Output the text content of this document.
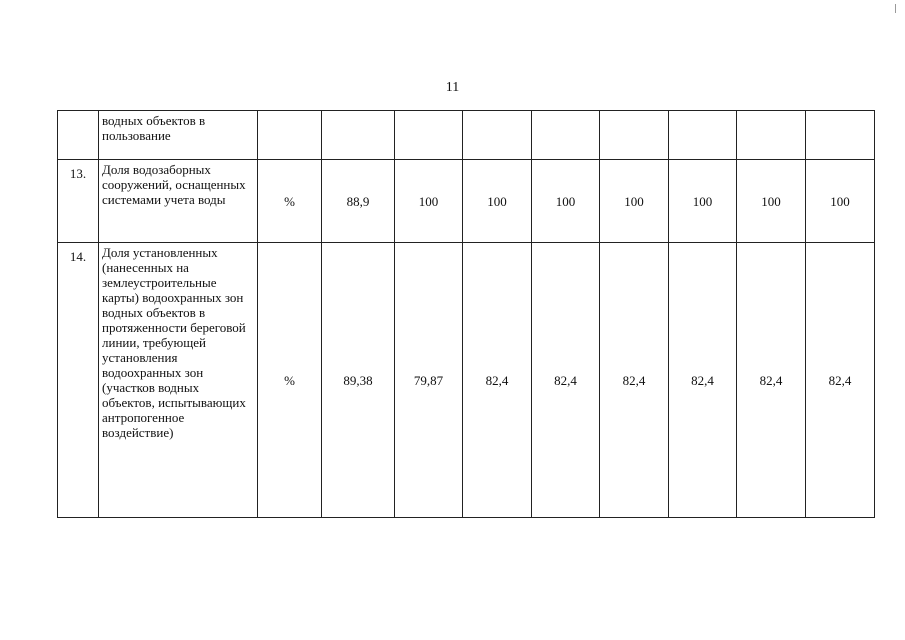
11
	водных объектов в пользование									
13.	Доля водозаборных сооружений, оснащенных системами учета воды	%	88,9	100	100	100	100	100	100	100
14.	Доля установленных (нанесенных на землеустроительные карты) водоохранных зон водных объектов в протяженности береговой линии, требующей установления водоохранных зон (участков водных объектов, испытывающих антропогенное воздействие)	%	89,38	79,87	82,4	82,4	82,4	82,4	82,4	82,4
